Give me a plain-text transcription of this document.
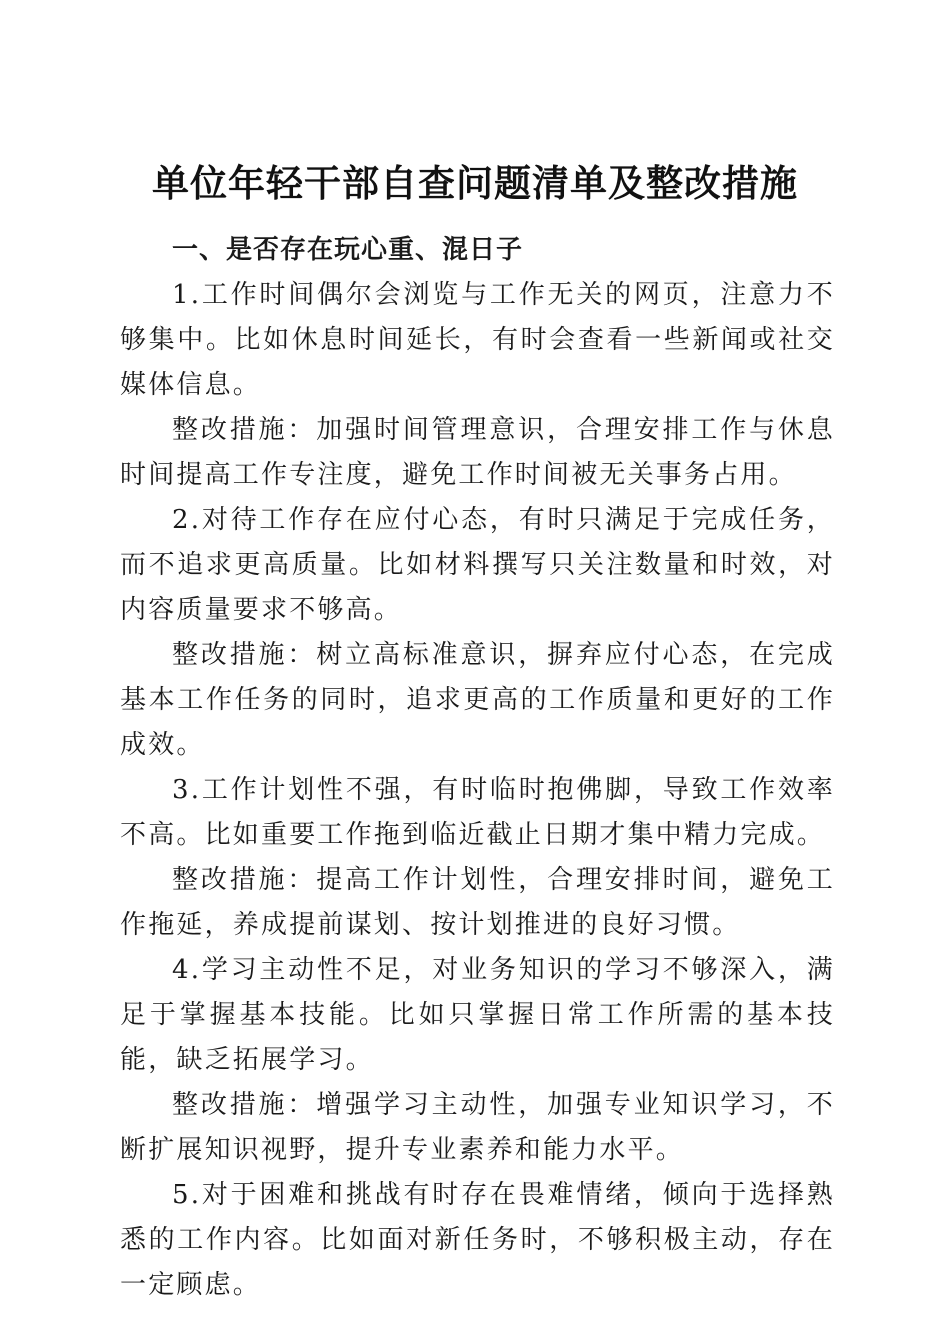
单位年轻干部自查问题清单及整改措施

一、是否存在玩心重、混日子

1.工作时间偶尔会浏览与工作无关的网页，注意力不够集中。比如休息时间延长，有时会查看一些新闻或社交媒体信息。

整改措施：加强时间管理意识，合理安排工作与休息时间提高工作专注度，避免工作时间被无关事务占用。

2.对待工作存在应付心态，有时只满足于完成任务，而不追求更高质量。比如材料撰写只关注数量和时效，对内容质量要求不够高。

整改措施：树立高标准意识，摒弃应付心态，在完成基本工作任务的同时，追求更高的工作质量和更好的工作成效。

3.工作计划性不强，有时临时抱佛脚，导致工作效率不高。比如重要工作拖到临近截止日期才集中精力完成。

整改措施：提高工作计划性，合理安排时间，避免工作拖延，养成提前谋划、按计划推进的良好习惯。

4.学习主动性不足，对业务知识的学习不够深入，满足于掌握基本技能。比如只掌握日常工作所需的基本技能，缺乏拓展学习。

整改措施：增强学习主动性，加强专业知识学习，不断扩展知识视野，提升专业素养和能力水平。

5.对于困难和挑战有时存在畏难情绪，倾向于选择熟悉的工作内容。比如面对新任务时，不够积极主动，存在一定顾虑。
